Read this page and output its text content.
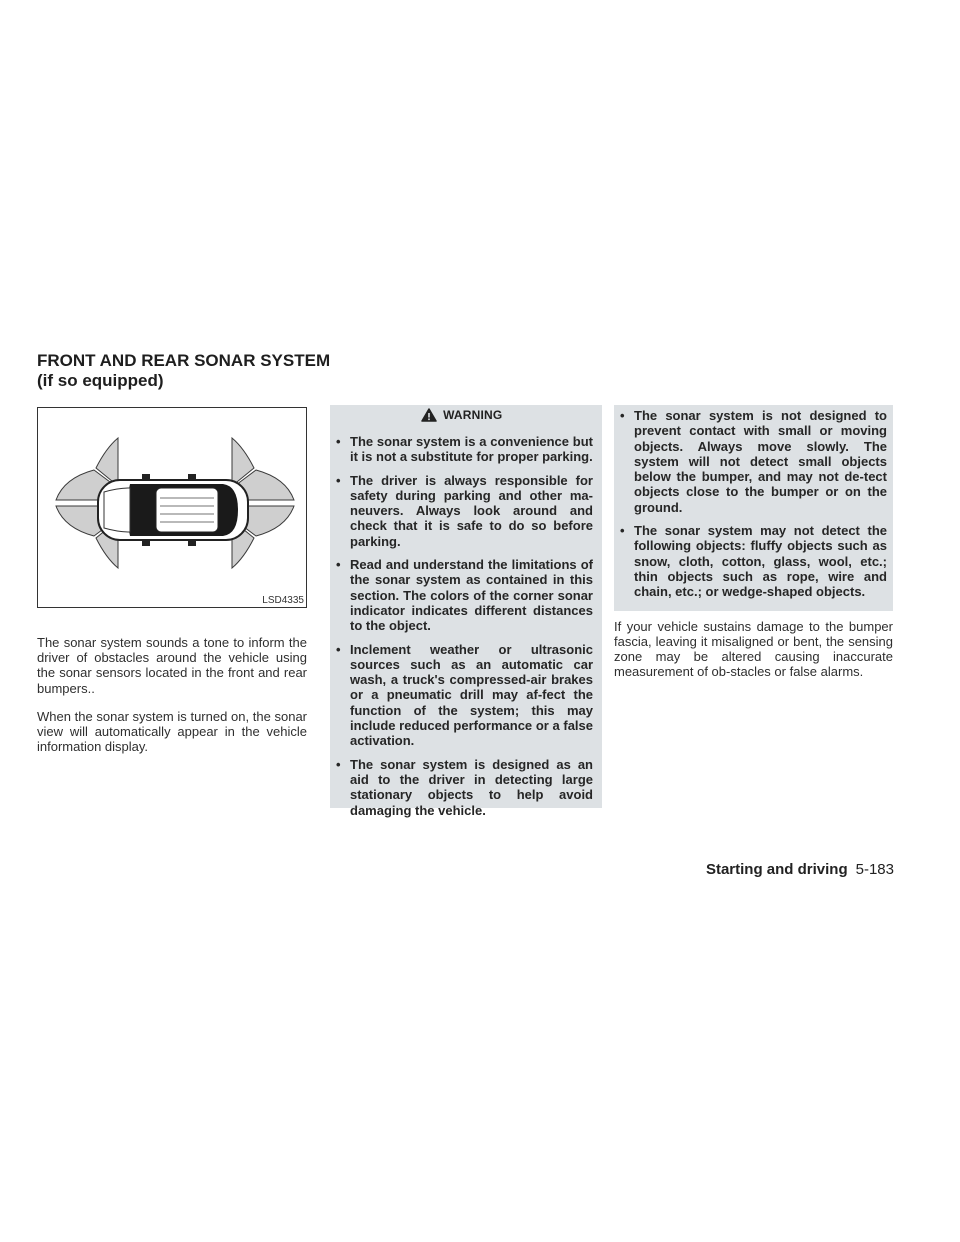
FRONT AND REAR SONAR SYSTEM
(if so equipped)
LSD4335

The sonar system sounds a tone to inform the driver of obstacles around the vehicle using the sonar sensors located in the front and rear bumpers..

When the sonar system is turned on, the sonar view will automatically appear in the vehicle information display.

WARNING
• The sonar system is a convenience but it is not a substitute for proper parking.
• The driver is always responsible for safety during parking and other ma-neuvers. Always look around and check that it is safe to do so before parking.
• Read and understand the limitations of the sonar system as contained in this section. The colors of the corner sonar indicator indicates different distances to the object.
• Inclement weather or ultrasonic sources such as an automatic car wash, a truck's compressed-air brakes or a pneumatic drill may af-fect the function of the system; this may include reduced performance or a false activation.
• The sonar system is designed as an aid to the driver in detecting large stationary objects to help avoid damaging the vehicle.
• The sonar system is not designed to prevent contact with small or moving objects. Always move slowly. The system will not detect small objects below the bumper, and may not de-tect objects close to the bumper or on the ground.
• The sonar system may not detect the following objects: fluffy objects such as snow, cloth, cotton, glass, wool, etc.; thin objects such as rope, wire and chain, etc.; or wedge-shaped objects.

If your vehicle sustains damage to the bumper fascia, leaving it misaligned or bent, the sensing zone may be altered causing inaccurate measurement of ob-stacles or false alarms.

Starting and driving 5-183
